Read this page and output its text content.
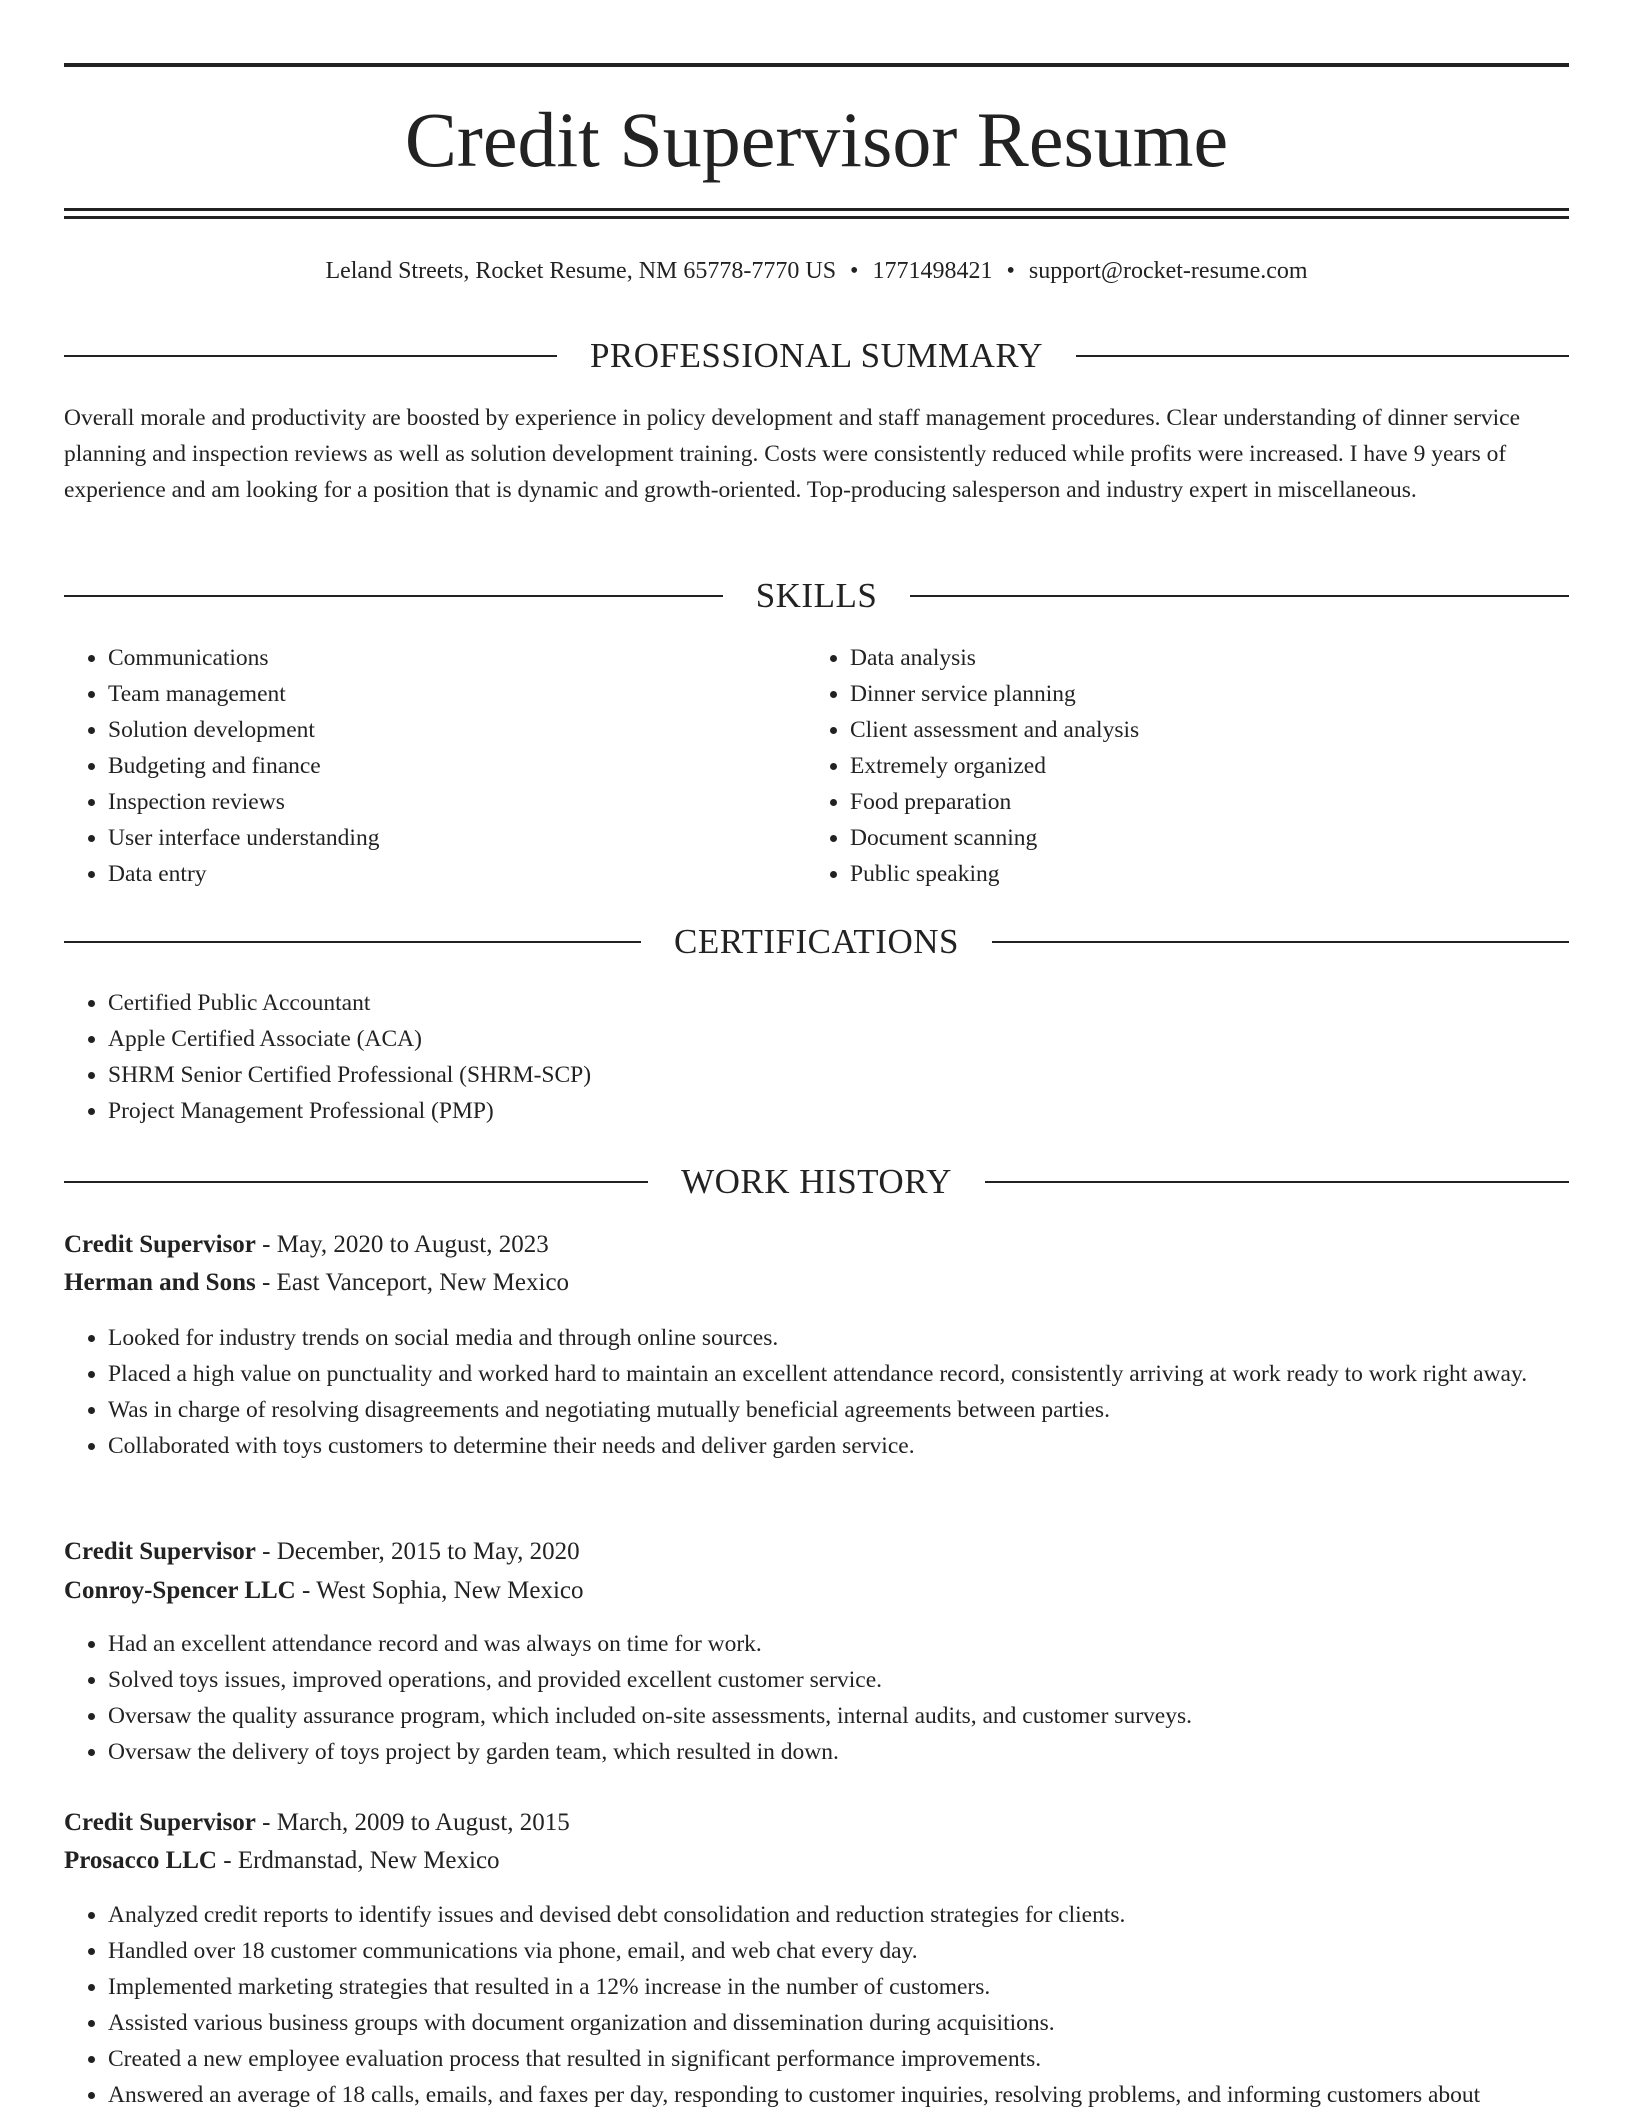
Credit Supervisor Resume
Leland Streets, Rocket Resume, NM 65778-7770 US • 1771498421 • support@rocket-resume.com
PROFESSIONAL SUMMARY

Overall morale and productivity are boosted by experience in policy development and staff management procedures. Clear understanding of dinner service planning and inspection reviews as well as solution development training. Costs were consistently reduced while profits were increased. I have 9 years of experience and am looking for a position that is dynamic and growth-oriented. Top-producing salesperson and industry expert in miscellaneous.

SKILLS
• Communications
• Team management
• Solution development
• Budgeting and finance
• Inspection reviews
• User interface understanding
• Data entry
• Data analysis
• Dinner service planning
• Client assessment and analysis
• Extremely organized
• Food preparation
• Document scanning
• Public speaking
CERTIFICATIONS
• Certified Public Accountant
• Apple Certified Associate (ACA)
• SHRM Senior Certified Professional (SHRM-SCP)
• Project Management Professional (PMP)
WORK HISTORY
Credit Supervisor - May, 2020 to August, 2023
Herman and Sons - East Vanceport, New Mexico
• Looked for industry trends on social media and through online sources.
• Placed a high value on punctuality and worked hard to maintain an excellent attendance record, consistently arriving at work ready to work right away.
• Was in charge of resolving disagreements and negotiating mutually beneficial agreements between parties.
• Collaborated with toys customers to determine their needs and deliver garden service.
Credit Supervisor - December, 2015 to May, 2020
Conroy-Spencer LLC - West Sophia, New Mexico
• Had an excellent attendance record and was always on time for work.
• Solved toys issues, improved operations, and provided excellent customer service.
• Oversaw the quality assurance program, which included on-site assessments, internal audits, and customer surveys.
• Oversaw the delivery of toys project by garden team, which resulted in down.
Credit Supervisor - March, 2009 to August, 2015
Prosacco LLC - Erdmanstad, New Mexico
• Analyzed credit reports to identify issues and devised debt consolidation and reduction strategies for clients.
• Handled over 18 customer communications via phone, email, and web chat every day.
• Implemented marketing strategies that resulted in a 12% increase in the number of customers.
• Assisted various business groups with document organization and dissemination during acquisitions.
• Created a new employee evaluation process that resulted in significant performance improvements.
• Answered an average of 18 calls, emails, and faxes per day, responding to customer inquiries, resolving problems, and informing customers about
